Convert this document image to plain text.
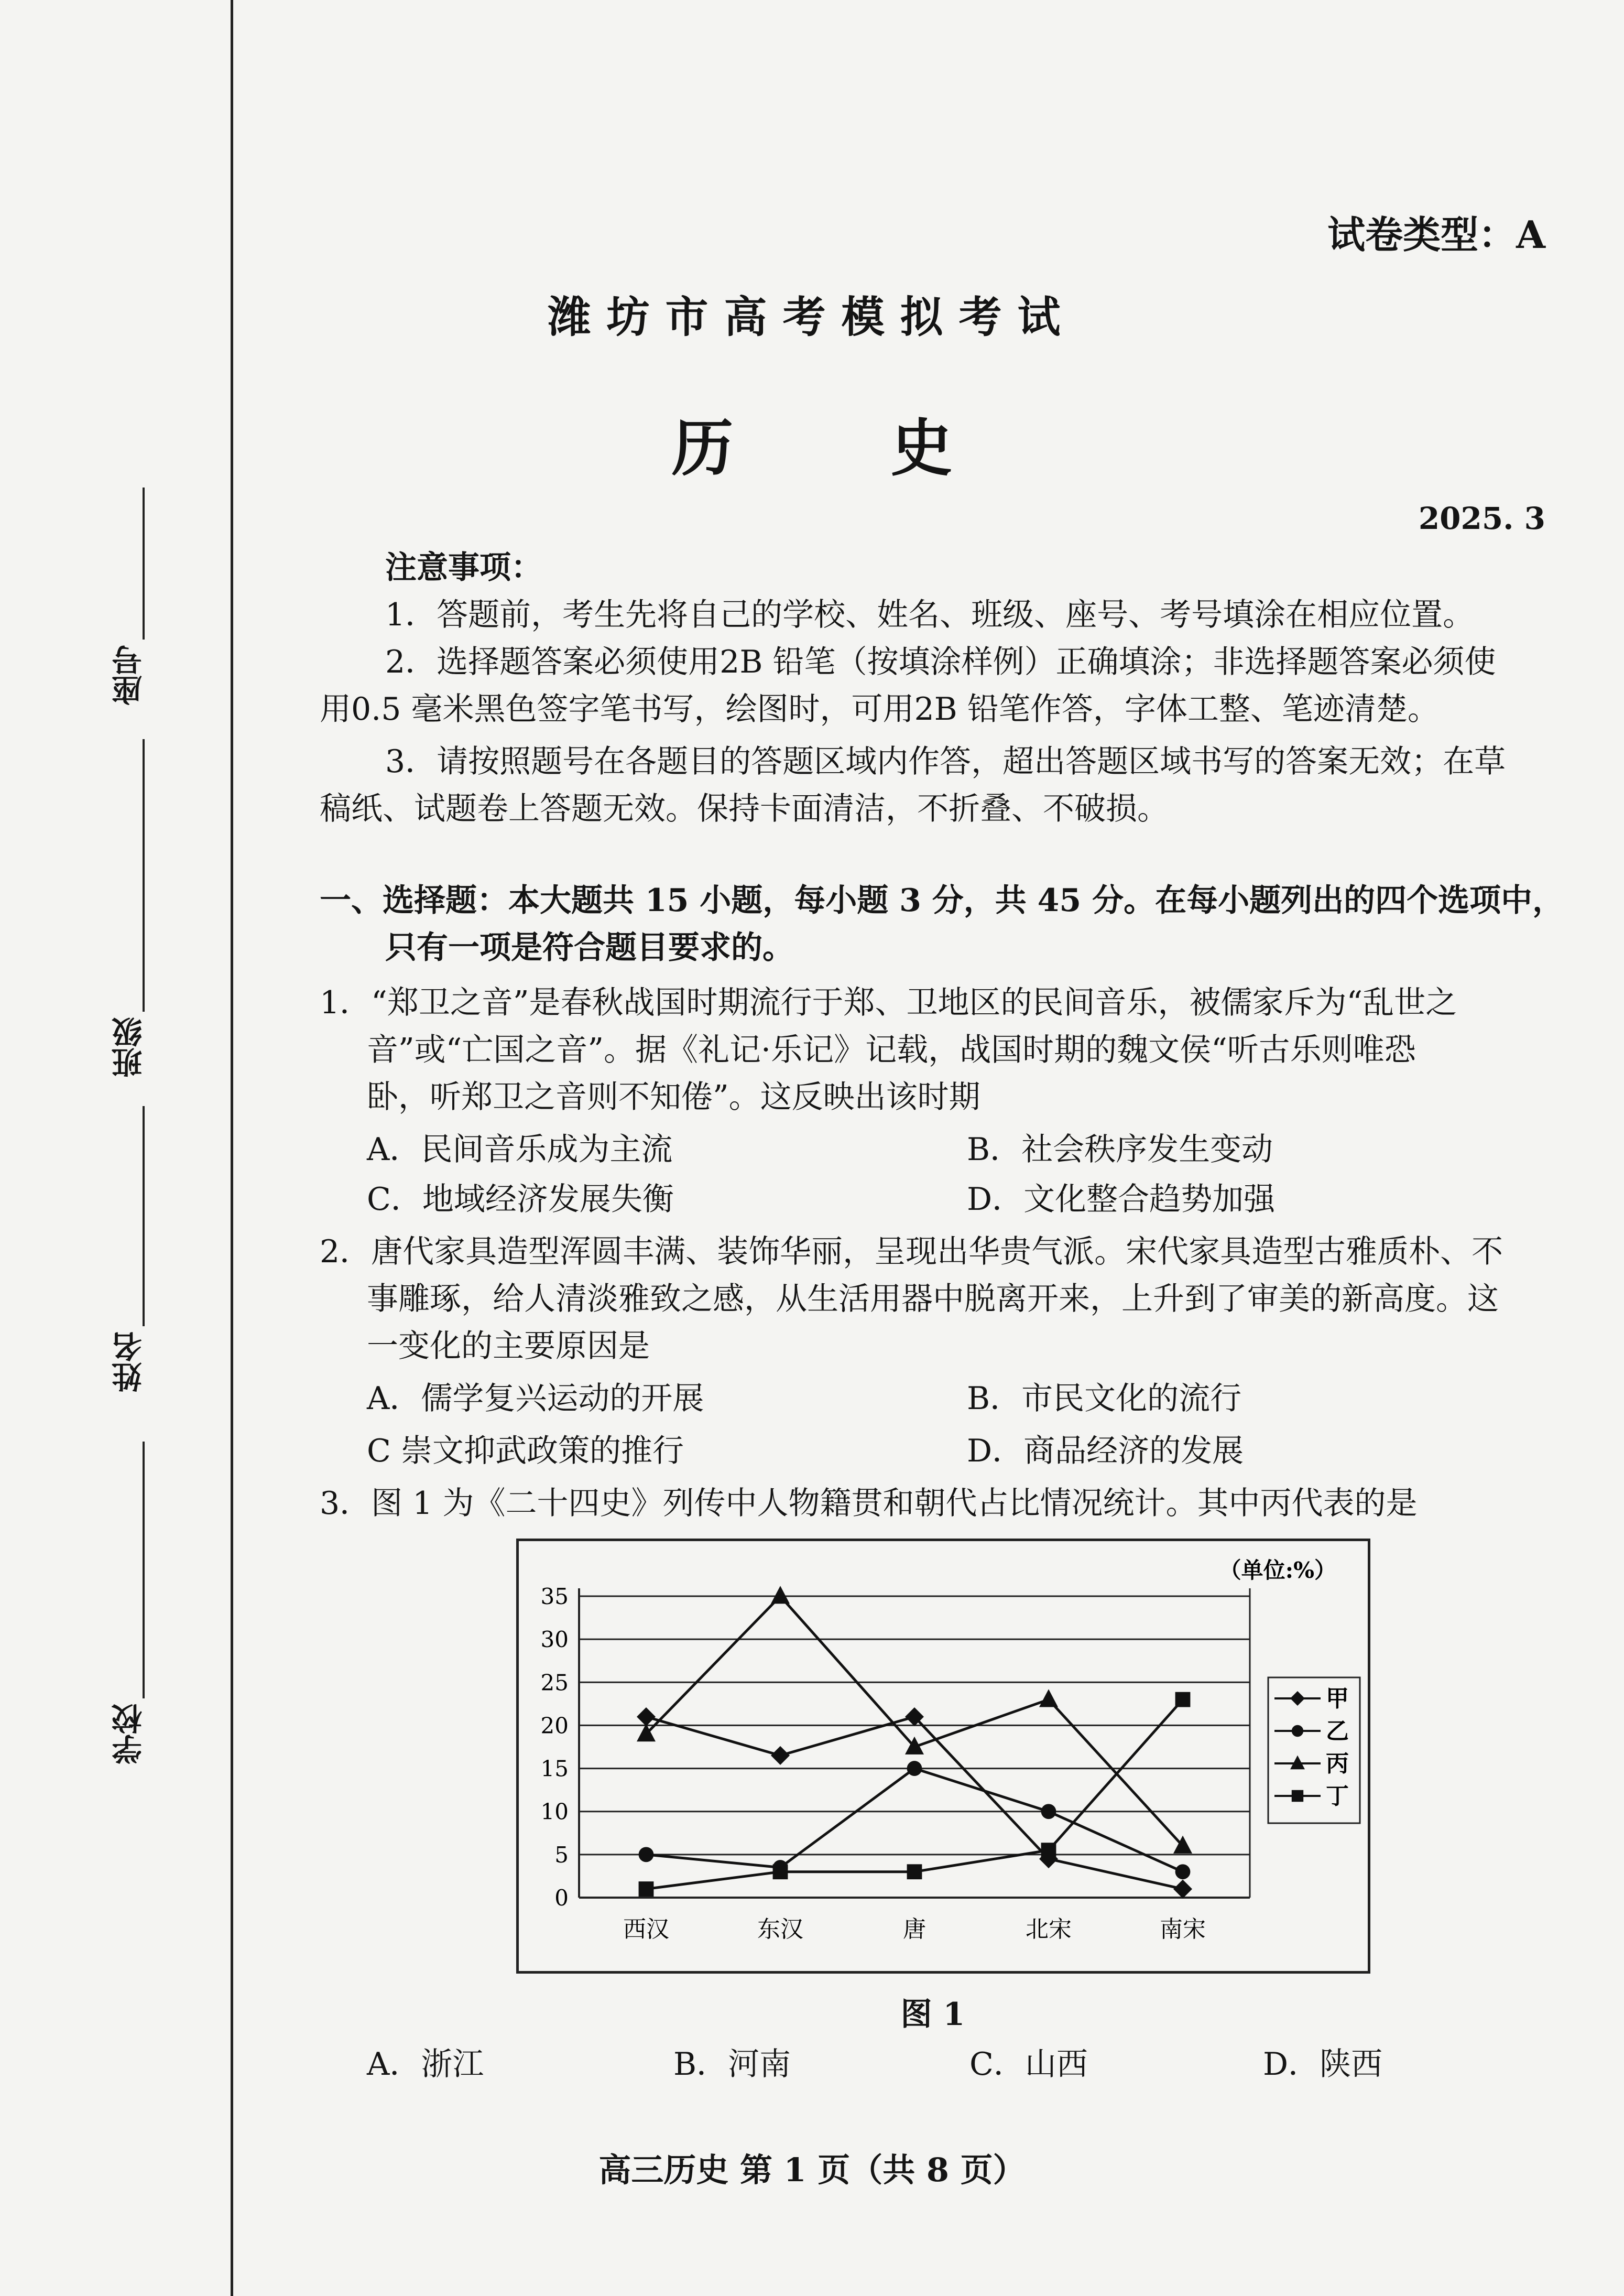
座号
班级
姓名
学校
试卷类型：A
潍坊市高考模拟考试
历史
2025. 3
注意事项：
1．答题前，考生先将自己的学校、姓名、班级、座号、考号填涂在相应位置。
2．选择题答案必须使用2B 铅笔（按填涂样例）正确填涂；非选择题答案必须使
用0.5 毫米黑色签字笔书写，绘图时，可用2B 铅笔作答，字体工整、笔迹清楚。
3．请按照题号在各题目的答题区域内作答，超出答题区域书写的答案无效；在草
稿纸、试题卷上答题无效。保持卡面清洁，不折叠、不破损。
一、选择题：本大题共 15 小题，每小题 3 分，共 45 分。在每小题列出的四个选项中，
只有一项是符合题目要求的。
1．“郑卫之音”是春秋战国时期流行于郑、卫地区的民间音乐，被儒家斥为“乱世之
音”或“亡国之音”。据《礼记·乐记》记载，战国时期的魏文侯“听古乐则唯恐
卧，听郑卫之音则不知倦”。这反映出该时期
A．民间音乐成为主流	B．社会秩序发生变动
C．地域经济发展失衡	D．文化整合趋势加强
2．唐代家具造型浑圆丰满、装饰华丽，呈现出华贵气派。宋代家具造型古雅质朴、不
事雕琢，给人清淡雅致之感，从生活用器中脱离开来，上升到了审美的新高度。这
一变化的主要原因是
A．儒学复兴运动的开展	B．市民文化的流行
C 崇文抑武政策的推行	D．商品经济的发展
3．图 1 为《二十四史》列传中人物籍贯和朝代占比情况统计。其中丙代表的是
0
5
10
15
20
25
30
35
西汉	东汉	唐	北宋	南宋
（单位:%）
甲
乙
丙
丁
图 1
A．浙江	B．河南	C．山西	D．陕西
高三历史 第 1 页（共 8 页）
